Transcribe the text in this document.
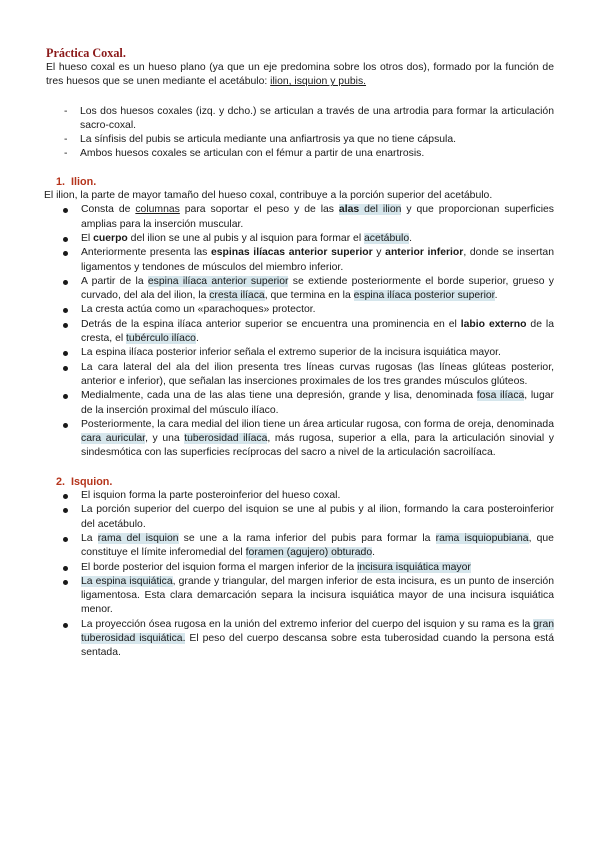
Práctica Coxal.

El hueso coxal es un hueso plano (ya que un eje predomina sobre los otros dos), formado por la función de tres huesos que se unen mediante el acetábulo: ilion, isquion y pubis.

- Los dos huesos coxales (izq. y dcho.) se articulan a través de una artrodia para formar la articulación sacro-coxal.
- La sínfisis del pubis se articula mediante una anfiartrosis ya que no tiene cápsula.
- Ambos huesos coxales se articulan con el fémur a partir de una enartrosis.
1. Ilion.

El ilion, la parte de mayor tamaño del hueso coxal, contribuye a la porción superior del acetábulo.

Consta de columnas para soportar el peso y de las alas del ilion y que proporcionan superficies amplias para la inserción muscular.
El cuerpo del ilion se une al pubis y al isquion para formar el acetábulo.
Anteriormente presenta las espinas ilíacas anterior superior y anterior inferior, donde se insertan ligamentos y tendones de músculos del miembro inferior.
A partir de la espina ilíaca anterior superior se extiende posteriormente el borde superior, grueso y curvado, del ala del ilion, la cresta ilíaca, que termina en la espina ilíaca posterior superior.
La cresta actúa como un «parachoques» protector.
Detrás de la espina ilíaca anterior superior se encuentra una prominencia en el labio externo de la cresta, el tubérculo ilíaco.
La espina ilíaca posterior inferior señala el extremo superior de la incisura isquiática mayor.
La cara lateral del ala del ilion presenta tres líneas curvas rugosas (las líneas glúteas posterior, anterior e inferior), que señalan las inserciones proximales de los tres grandes músculos glúteos.
Medialmente, cada una de las alas tiene una depresión, grande y lisa, denominada fosa ilíaca, lugar de la inserción proximal del músculo ilíaco.
Posteriormente, la cara medial del ilion tiene un área articular rugosa, con forma de oreja, denominada cara auricular, y una tuberosidad ilíaca, más rugosa, superior a ella, para la articulación sinovial y sindesmótica con las superficies recíprocas del sacro a nivel de la articulación sacroilíaca.
2. Isquion.
El isquion forma la parte posteroinferior del hueso coxal.
La porción superior del cuerpo del isquion se une al pubis y al ilion, formando la cara posteroinferior del acetábulo.
La rama del isquion se une a la rama inferior del pubis para formar la rama isquiopubiana, que constituye el límite inferomedial del foramen (agujero) obturado.
El borde posterior del isquion forma el margen inferior de la incisura isquiática mayor
La espina isquiática, grande y triangular, del margen inferior de esta incisura, es un punto de inserción ligamentosa. Esta clara demarcación separa la incisura isquiática mayor de una incisura isquiática menor.
La proyección ósea rugosa en la unión del extremo inferior del cuerpo del isquion y su rama es la gran tuberosidad isquiática. El peso del cuerpo descansa sobre esta tuberosidad cuando la persona está sentada.
